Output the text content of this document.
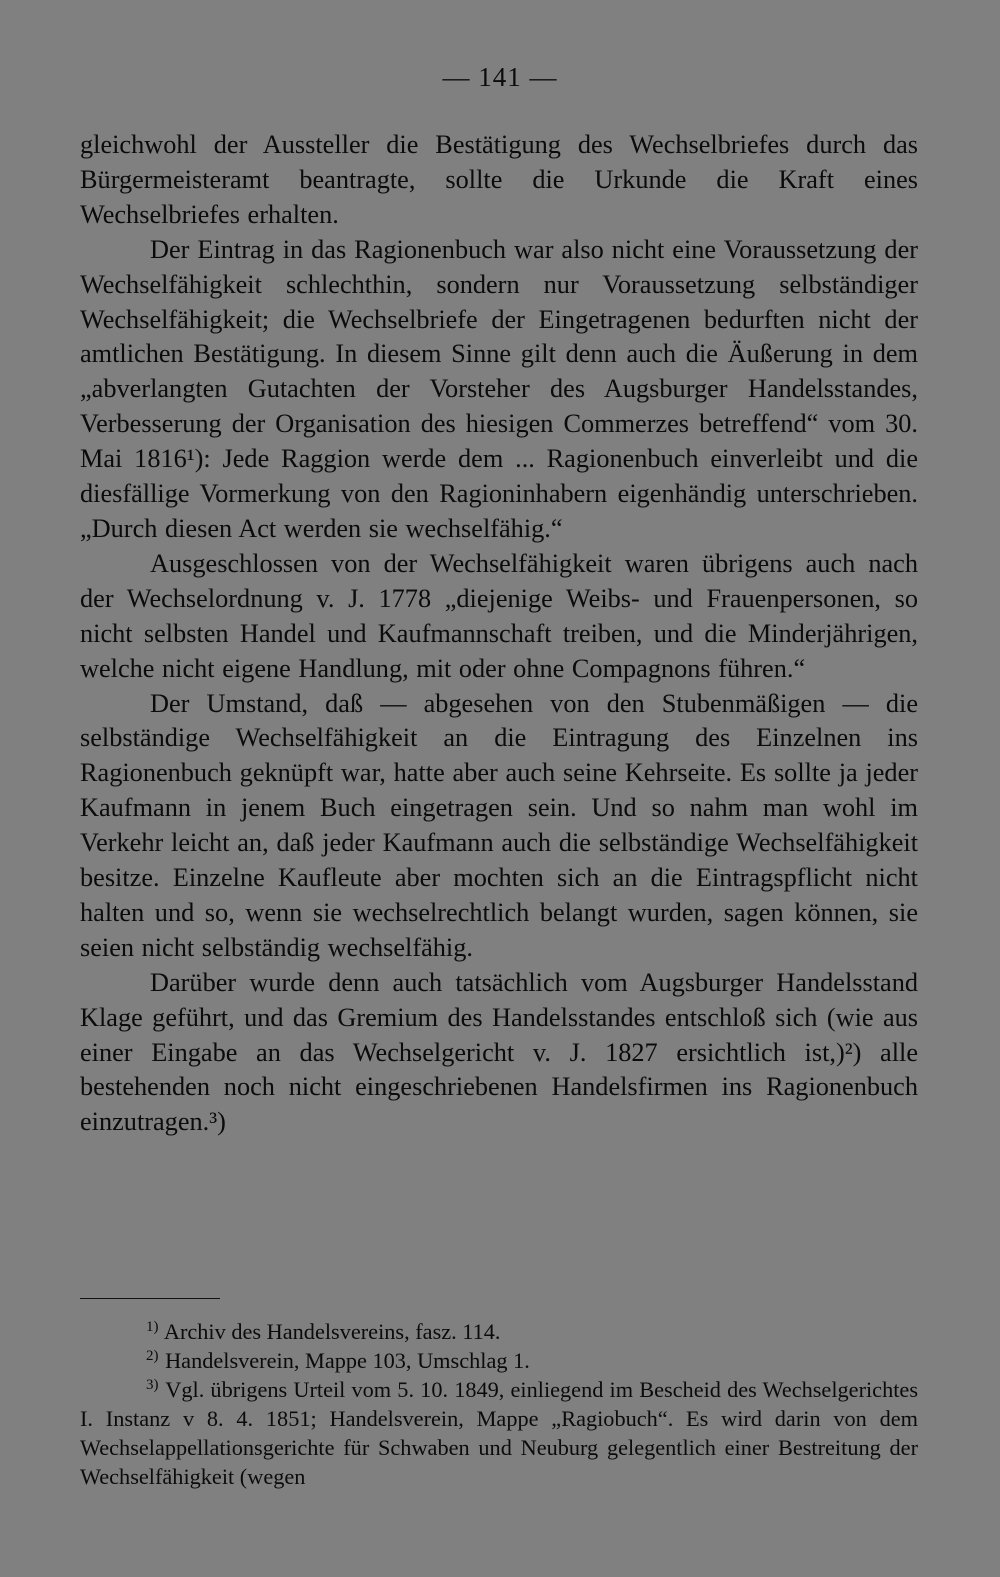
— 141 —

gleichwohl der Aussteller die Bestätigung des Wechselbriefes durch das Bürgermeisteramt beantragte, sollte die Urkunde die Kraft eines Wechselbriefes erhalten.

Der Eintrag in das Ragionenbuch war also nicht eine Voraussetzung der Wechselfähigkeit schlechthin, sondern nur Voraussetzung selbständiger Wechselfähigkeit; die Wechselbriefe der Eingetragenen bedurften nicht der amtlichen Bestätigung. In diesem Sinne gilt denn auch die Äußerung in dem „abverlangten Gutachten der Vorsteher des Augsburger Handelsstandes, Verbesserung der Organisation des hiesigen Commerzes betreffend“ vom 30. Mai 1816¹): Jede Raggion werde dem ... Ragionenbuch einverleibt und die diesfällige Vormerkung von den Ragioninhabern eigenhändig unterschrieben. „Durch diesen Act werden sie wechselfähig.“

Ausgeschlossen von der Wechselfähigkeit waren übrigens auch nach der Wechselordnung v. J. 1778 „diejenige Weibs- und Frauenpersonen, so nicht selbsten Handel und Kaufmannschaft treiben, und die Minderjährigen, welche nicht eigene Handlung, mit oder ohne Compagnons führen.“

Der Umstand, daß — abgesehen von den Stubenmäßigen — die selbständige Wechselfähigkeit an die Eintragung des Einzelnen ins Ragionenbuch geknüpft war, hatte aber auch seine Kehrseite. Es sollte ja jeder Kaufmann in jenem Buch eingetragen sein. Und so nahm man wohl im Verkehr leicht an, daß jeder Kaufmann auch die selbständige Wechselfähigkeit besitze. Einzelne Kaufleute aber mochten sich an die Eintragspflicht nicht halten und so, wenn sie wechselrechtlich belangt wurden, sagen können, sie seien nicht selbständig wechselfähig.

Darüber wurde denn auch tatsächlich vom Augsburger Handelsstand Klage geführt, und das Gremium des Handelsstandes entschloß sich (wie aus einer Eingabe an das Wechselgericht v. J. 1827 ersichtlich ist,)²) alle bestehenden noch nicht eingeschriebenen Handelsfirmen ins Ragionenbuch einzutragen.³)

$^{1)}$ Archiv des Handelsvereins, fasz. 114.

$^{2)}$ Handelsverein, Mappe 103, Umschlag 1.

$^{3)}$ Vgl. übrigens Urteil vom 5. 10. 1849, einliegend im Bescheid des Wechselgerichtes I. Instanz v 8. 4. 1851; Handelsverein, Mappe „Ragiobuch“. Es wird darin von dem Wechselappellationsgerichte für Schwaben und Neuburg gelegentlich einer Bestreitung der Wechselfähigkeit (wegen
